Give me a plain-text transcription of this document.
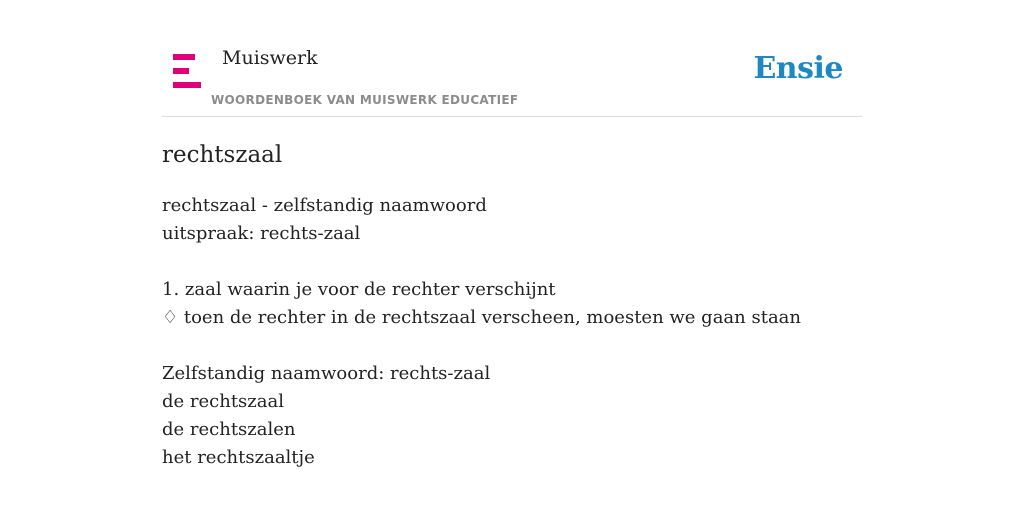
Muiswerk
WOORDENBOEK VAN MUISWERK EDUCATIEF
Ensie
rechtszaal
rechtszaal - zelfstandig naamwoord
uitspraak: rechts-zaal
1. zaal waarin je voor de rechter verschijnt
♢ toen de rechter in de rechtszaal verscheen, moesten we gaan staan
Zelfstandig naamwoord: rechts-zaal
de rechtszaal
de rechtszalen
het rechtszaaltje
